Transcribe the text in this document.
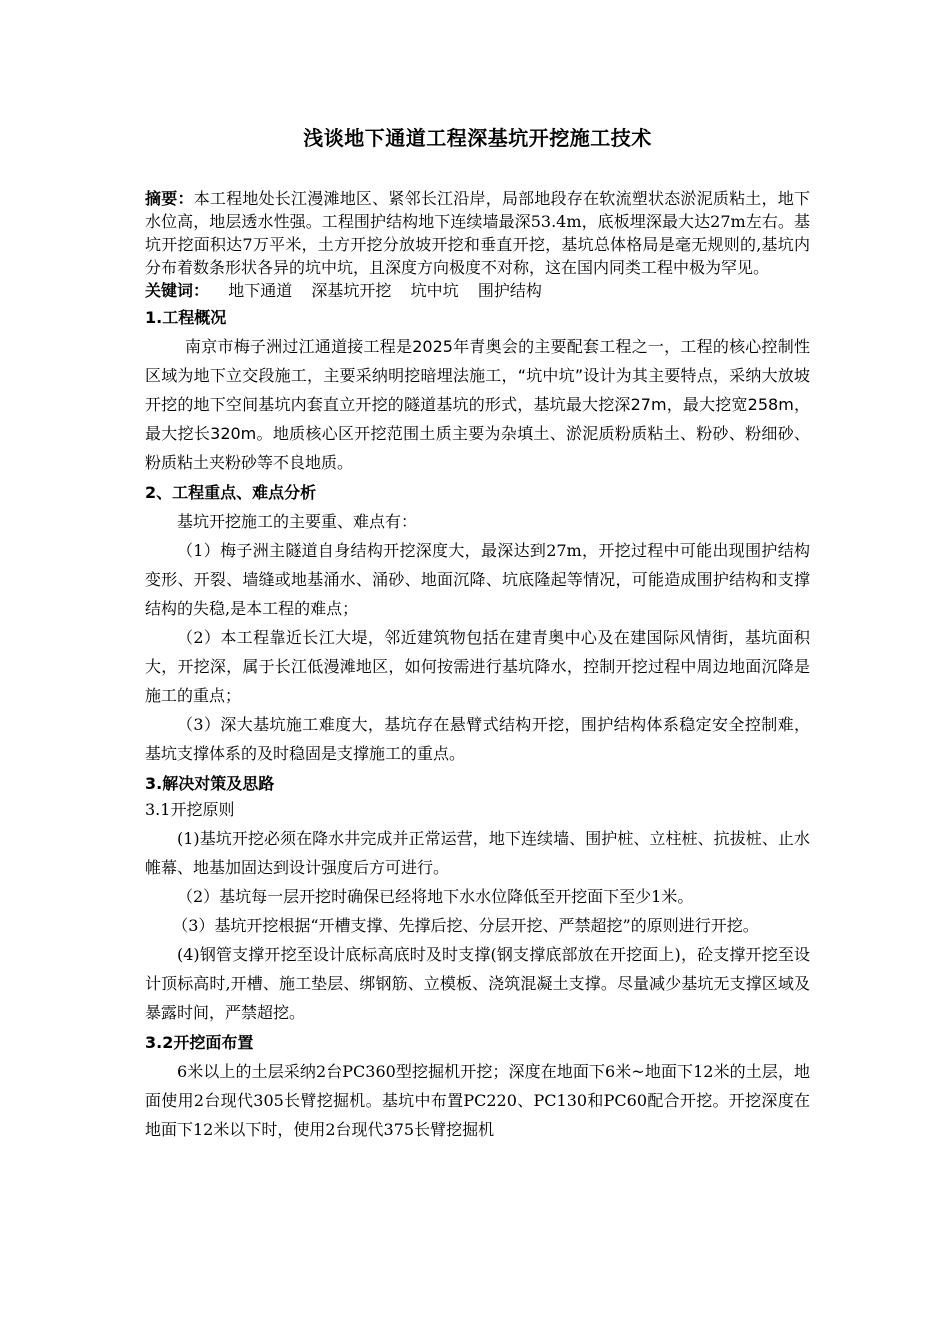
浅谈地下通道工程深基坑开挖施工技术

摘要：本工程地处长江漫滩地区、紧邻长江沿岸，局部地段存在软流塑状态淤泥质粘土，地下水位高，地层透水性强。工程围护结构地下连续墙最深53.4m，底板埋深最大达27m左右。基坑开挖面积达7万平米，土方开挖分放坡开挖和垂直开挖，基坑总体格局是毫无规则的,基坑内分布着数条形状各异的坑中坑，且深度方向极度不对称，这在国内同类工程中极为罕见。

关键词： 地下通道 深基坑开挖 坑中坑 围护结构

1.工程概况

南京市梅子洲过江通道接工程是2025年青奥会的主要配套工程之一，工程的核心控制性区域为地下立交段施工，主要采纳明挖暗埋法施工，“坑中坑”设计为其主要特点，采纳大放坡开挖的地下空间基坑内套直立开挖的隧道基坑的形式，基坑最大挖深27m，最大挖宽258m，最大挖长320m。地质核心区开挖范围土质主要为杂填土、淤泥质粉质粘土、粉砂、粉细砂、粉质粘土夹粉砂等不良地质。

2、工程重点、难点分析

基坑开挖施工的主要重、难点有：

（1）梅子洲主隧道自身结构开挖深度大，最深达到27m，开挖过程中可能出现围护结构变形、开裂、墙缝或地基涌水、涌砂、地面沉降、坑底隆起等情况，可能造成围护结构和支撑结构的失稳,是本工程的难点；

（2）本工程靠近长江大堤，邻近建筑物包括在建青奥中心及在建国际风情街，基坑面积大，开挖深，属于长江低漫滩地区，如何按需进行基坑降水，控制开挖过程中周边地面沉降是施工的重点；

（3）深大基坑施工难度大，基坑存在悬臂式结构开挖，围护结构体系稳定安全控制难，基坑支撑体系的及时稳固是支撑施工的重点。

3.解决对策及思路
3.1开挖原则

(1)基坑开挖必须在降水井完成并正常运营，地下连续墙、围护桩、立柱桩、抗拔桩、止水帷幕、地基加固达到设计强度后方可进行。

（2）基坑每一层开挖时确保已经将地下水水位降低至开挖面下至少1米。

（3）基坑开挖根据“开槽支撑、先撑后挖、分层开挖、严禁超挖”的原则进行开挖。

(4)钢管支撑开挖至设计底标高底时及时支撑(钢支撑底部放在开挖面上)，砼支撑开挖至设计顶标高时,开槽、施工垫层、绑钢筋、立模板、浇筑混凝土支撑。尽量减少基坑无支撑区域及暴露时间，严禁超挖。

3.2开挖面布置

6米以上的土层采纳2台PC360型挖掘机开挖；深度在地面下6米~地面下12米的土层，地面使用2台现代305长臂挖掘机。基坑中布置PC220、PC130和PC60配合开挖。开挖深度在地面下12米以下时，使用2台现代375长臂挖掘机
